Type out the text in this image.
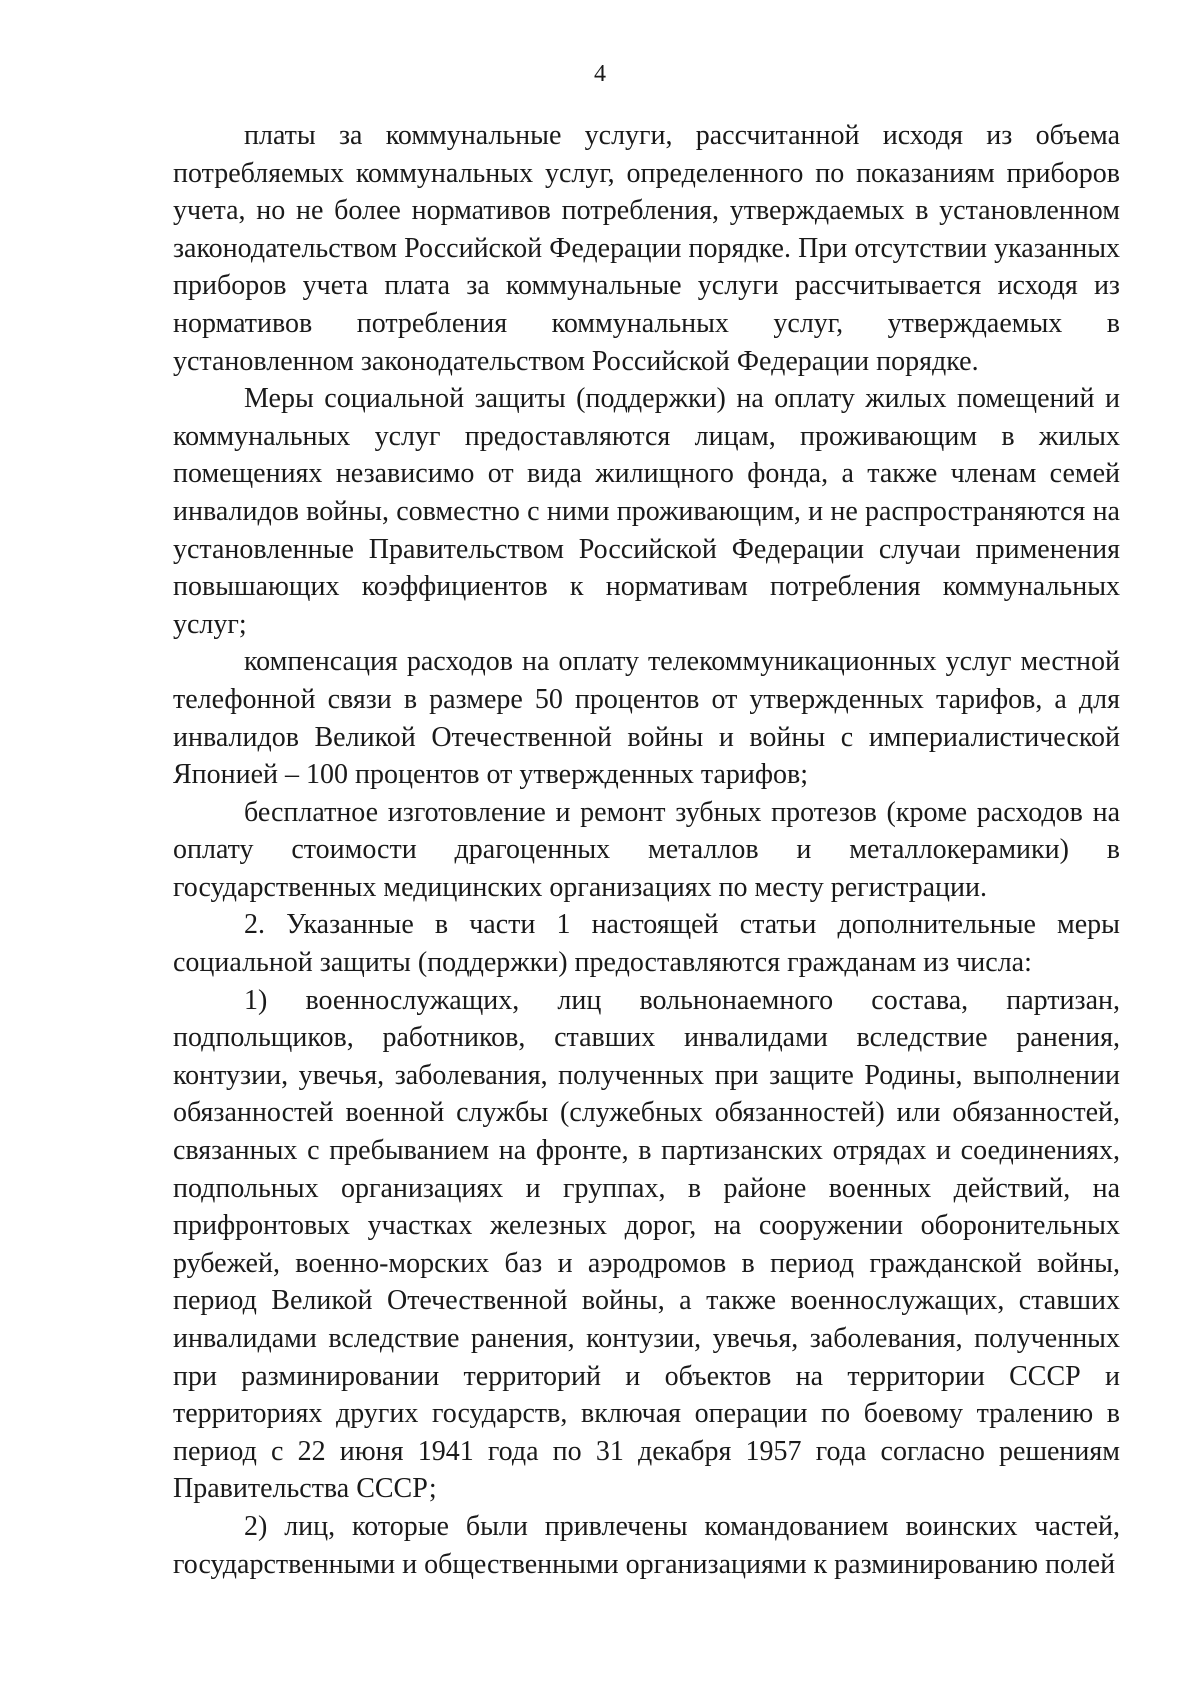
4

платы за коммунальные услуги, рассчитанной исходя из объема потребляемых коммунальных услуг, определенного по показаниям приборов учета, но не более нормативов потребления, утверждаемых в установленном законодательством Российской Федерации порядке. При отсутствии указанных приборов учета плата за коммунальные услуги рассчитывается исходя из нормативов потребления коммунальных услуг, утверждаемых в установленном законодательством Российской Федерации порядке.

Меры социальной защиты (поддержки) на оплату жилых помещений и коммунальных услуг предоставляются лицам, проживающим в жилых помещениях независимо от вида жилищного фонда, а также членам семей инвалидов войны, совместно с ними проживающим, и не распространяются на установленные Правительством Российской Федерации случаи применения повышающих коэффициентов к нормативам потребления коммунальных услуг;

компенсация расходов на оплату телекоммуникационных услуг местной телефонной связи в размере 50 процентов от утвержденных тарифов, а для инвалидов Великой Отечественной войны и войны с империалистической Японией – 100 процентов от утвержденных тарифов;

бесплатное изготовление и ремонт зубных протезов (кроме расходов на оплату стоимости драгоценных металлов и металлокерамики) в государственных медицинских организациях по месту регистрации.

2. Указанные в части 1 настоящей статьи дополнительные меры социальной защиты (поддержки) предоставляются гражданам из числа:

1) военнослужащих, лиц вольнонаемного состава, партизан, подпольщиков, работников, ставших инвалидами вследствие ранения, контузии, увечья, заболевания, полученных при защите Родины, выполнении обязанностей военной службы (служебных обязанностей) или обязанностей, связанных с пребыванием на фронте, в партизанских отрядах и соединениях, подпольных организациях и группах, в районе военных действий, на прифронтовых участках железных дорог, на сооружении оборонительных рубежей, военно-морских баз и аэродромов в период гражданской войны, период Великой Отечественной войны, а также военнослужащих, ставших инвалидами вследствие ранения, контузии, увечья, заболевания, полученных при разминировании территорий и объектов на территории СССР и территориях других государств, включая операции по боевому тралению в период с 22 июня 1941 года по 31 декабря 1957 года согласно решениям Правительства СССР;

2) лиц, которые были привлечены командованием воинских частей, государственными и общественными организациями к разминированию полей
